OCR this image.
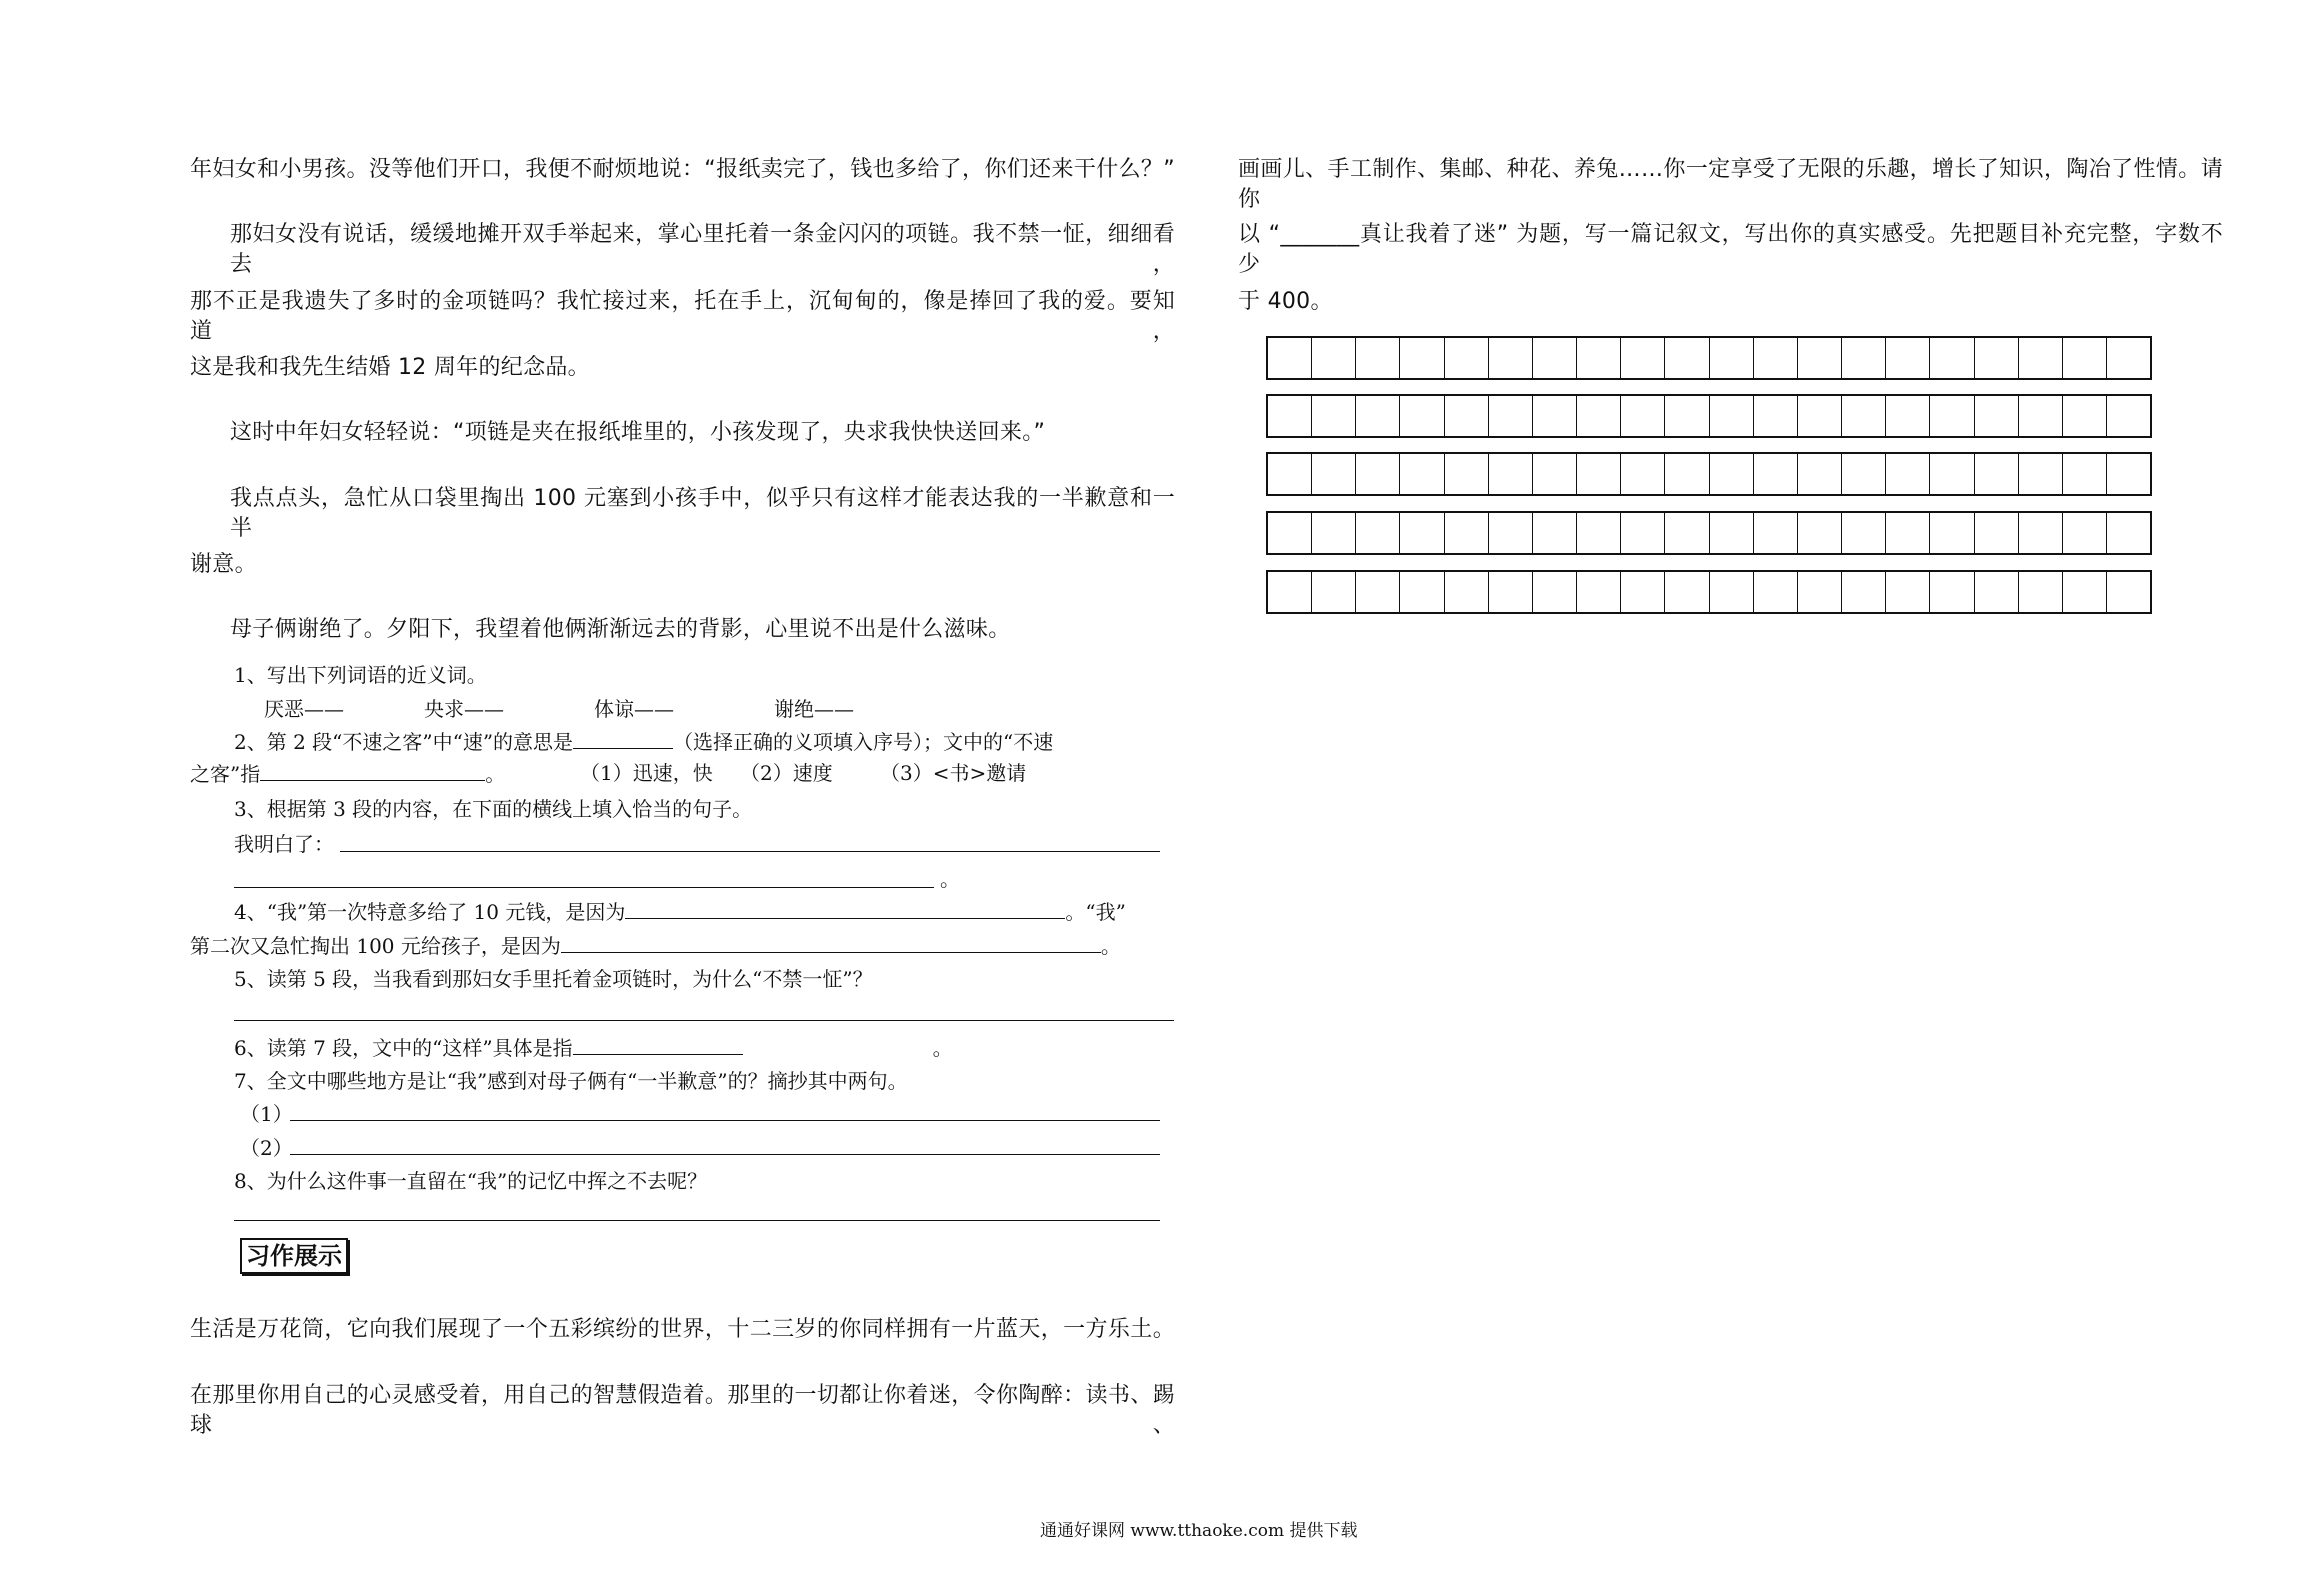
年妇女和小男孩。没等他们开口，我便不耐烦地说：“报纸卖完了，钱也多给了，你们还来干什么？”

那妇女没有说话，缓缓地摊开双手举起来，掌心里托着一条金闪闪的项链。我不禁一怔，细细看去，

那不正是我遗失了多时的金项链吗？我忙接过来，托在手上，沉甸甸的，像是捧回了我的爱。要知道，

这是我和我先生结婚 12 周年的纪念品。

这时中年妇女轻轻说：“项链是夹在报纸堆里的，小孩发现了，央求我快快送回来。”

我点点头，急忙从口袋里掏出 100 元塞到小孩手中，似乎只有这样才能表达我的一半歉意和一半

谢意。

母子俩谢绝了。夕阳下，我望着他俩渐渐远去的背影，心里说不出是什么滋味。

1、写出下列词语的近义词。
厌恶——	央求——	体谅——	谢绝——
2、第 2 段“不速之客”中“速”的意思是	（选择正确的义项填入序号）；文中的“不速
之客”指	。	（1）迅速，快 （2）速度 （3）<书>邀请
3、根据第 3 段的内容，在下面的横线上填入恰当的句子。
我明白了：
。
4、“我”第一次特意多给了 10 元钱，是因为	。“我”
第二次又急忙掏出 100 元给孩子，是因为	。
5、读第 5 段，当我看到那妇女手里托着金项链时，为什么“不禁一怔”？
6、读第 7 段，文中的“这样”具体是指	。
7、全文中哪些地方是让“我”感到对母子俩有“一半歉意”的？摘抄其中两句。
（1）
（2）
8、为什么这件事一直留在“我”的记忆中挥之不去呢？
习作展示

生活是万花筒，它向我们展现了一个五彩缤纷的世界，十二三岁的你同样拥有一片蓝天，一方乐土。

在那里你用自己的心灵感受着，用自己的智慧假造着。那里的一切都让你着迷，令你陶醉：读书、踢球、

画画儿、手工制作、集邮、种花、养兔……你一定享受了无限的乐趣，增长了知识，陶冶了性情。请你

以 “_______真让我着了迷” 为题，写一篇记叙文，写出你的真实感受。先把题目补充完整，字数不少

于 400。

通通好课网 www.tthaoke.com 提供下载
